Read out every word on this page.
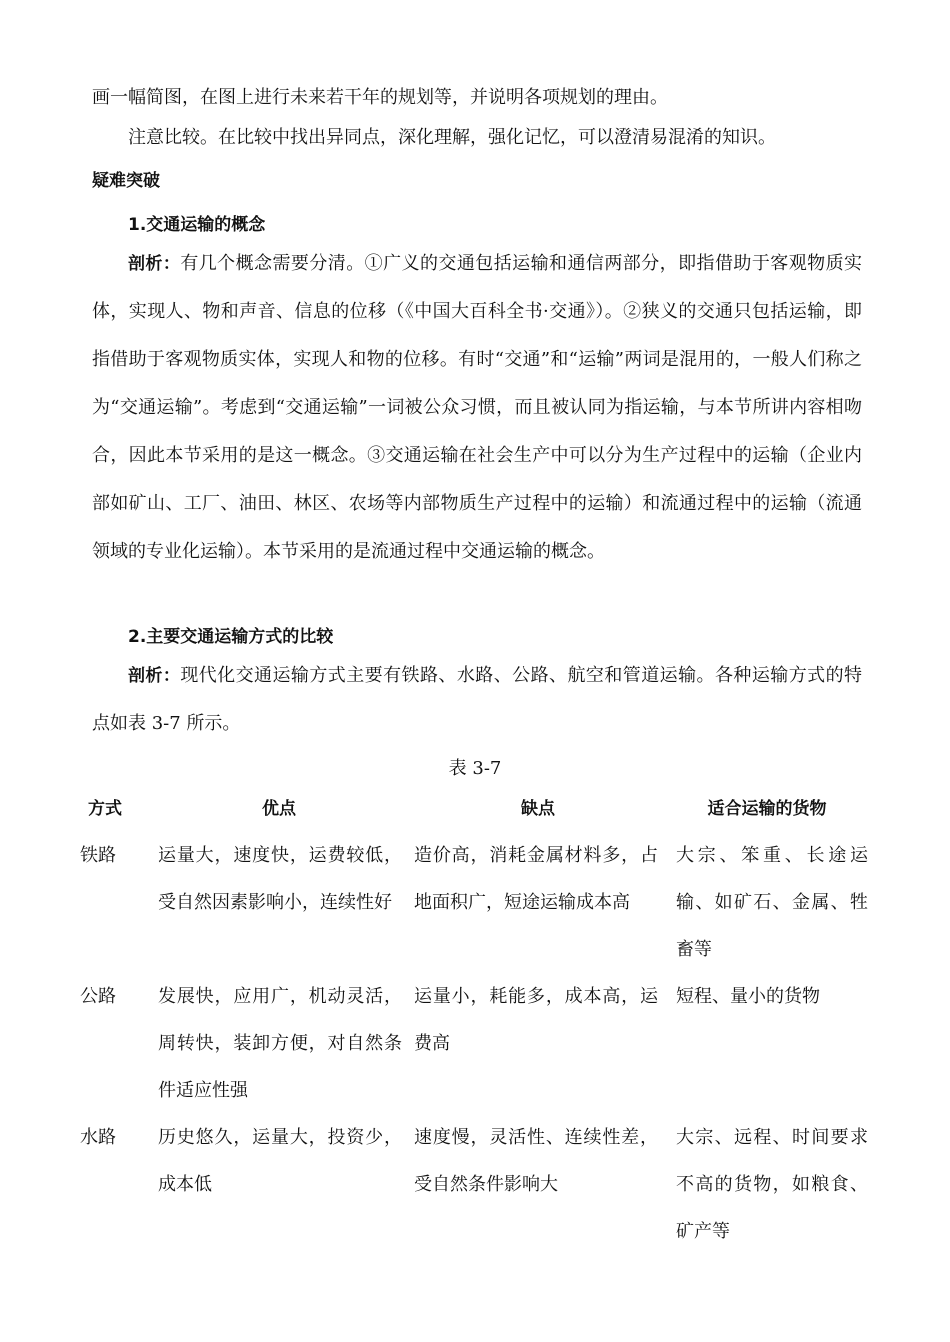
画一幅简图，在图上进行未来若干年的规划等，并说明各项规划的理由。

注意比较。在比较中找出异同点，深化理解，强化记忆，可以澄清易混淆的知识。

疑难突破

1.交通运输的概念

剖析：有几个概念需要分清。①广义的交通包括运输和通信两部分，即指借助于客观物质实体，实现人、物和声音、信息的位移（《中国大百科全书·交通》）。②狭义的交通只包括运输，即指借助于客观物质实体，实现人和物的位移。有时“交通”和“运输”两词是混用的，一般人们称之为“交通运输”。考虑到“交通运输”一词被公众习惯，而且被认同为指运输，与本节所讲内容相吻合，因此本节采用的是这一概念。③交通运输在社会生产中可以分为生产过程中的运输（企业内部如矿山、工厂、油田、林区、农场等内部物质生产过程中的运输）和流通过程中的运输（流通领域的专业化运输）。本节采用的是流通过程中交通运输的概念。

2.主要交通运输方式的比较

剖析：现代化交通运输方式主要有铁路、水路、公路、航空和管道运输。各种运输方式的特点如表 3-7 所示。

表 3-7
方式	优点	缺点	适合运输的货物
铁路	运量大，速度快，运费较低，受自然因素影响小，连续性好	造价高，消耗金属材料多，占地面积广，短途运输成本高	大宗、笨重、长途运输、如矿石、金属、牲畜等
公路	发展快，应用广，机动灵活，周转快，装卸方便，对自然条件适应性强	运量小，耗能多，成本高，运费高	短程、量小的货物
水路	历史悠久，运量大，投资少，成本低	速度慢，灵活性、连续性差，受自然条件影响大	大宗、远程、时间要求不高的货物，如粮食、矿产等
